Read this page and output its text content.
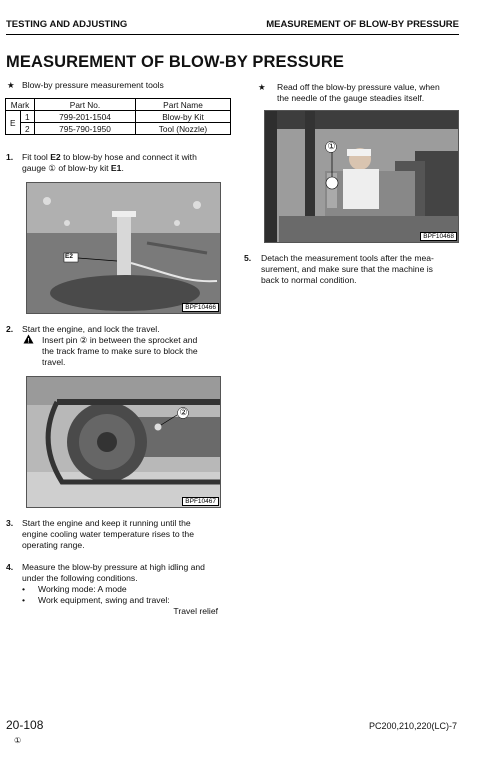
TESTING AND ADJUSTING	MEASUREMENT OF BLOW-BY PRESSURE
MEASUREMENT OF BLOW-BY PRESSURE
★ Blow-by pressure measurement tools
Mark		Part No.	Part Name
E	1	799-201-1504	Blow-by Kit
	2	795-790-1950	Tool (Nozzle)
1. Fit tool E2 to blow-by hose and connect it with
gauge ① of blow-by kit E1.
E2
BPF10466
2. Start the engine, and lock the travel.
! Insert pin ② in between the sprocket and
the track frame to make sure to block the
travel.
②
BPF10467
3. Start the engine and keep it running until the
engine cooling water temperature rises to the
operating range.
4. Measure the blow-by pressure at high idling and
under the following conditions.
• Working mode: A mode
• Work equipment, swing and travel:
Travel relief
★ Read off the blow-by pressure value, when
the needle of the gauge steadies itself.
①
BPF10468
5. Detach the measurement tools after the mea-
surement, and make sure that the machine is
back to normal condition.
20-108
①
PC200,210,220(LC)-7
